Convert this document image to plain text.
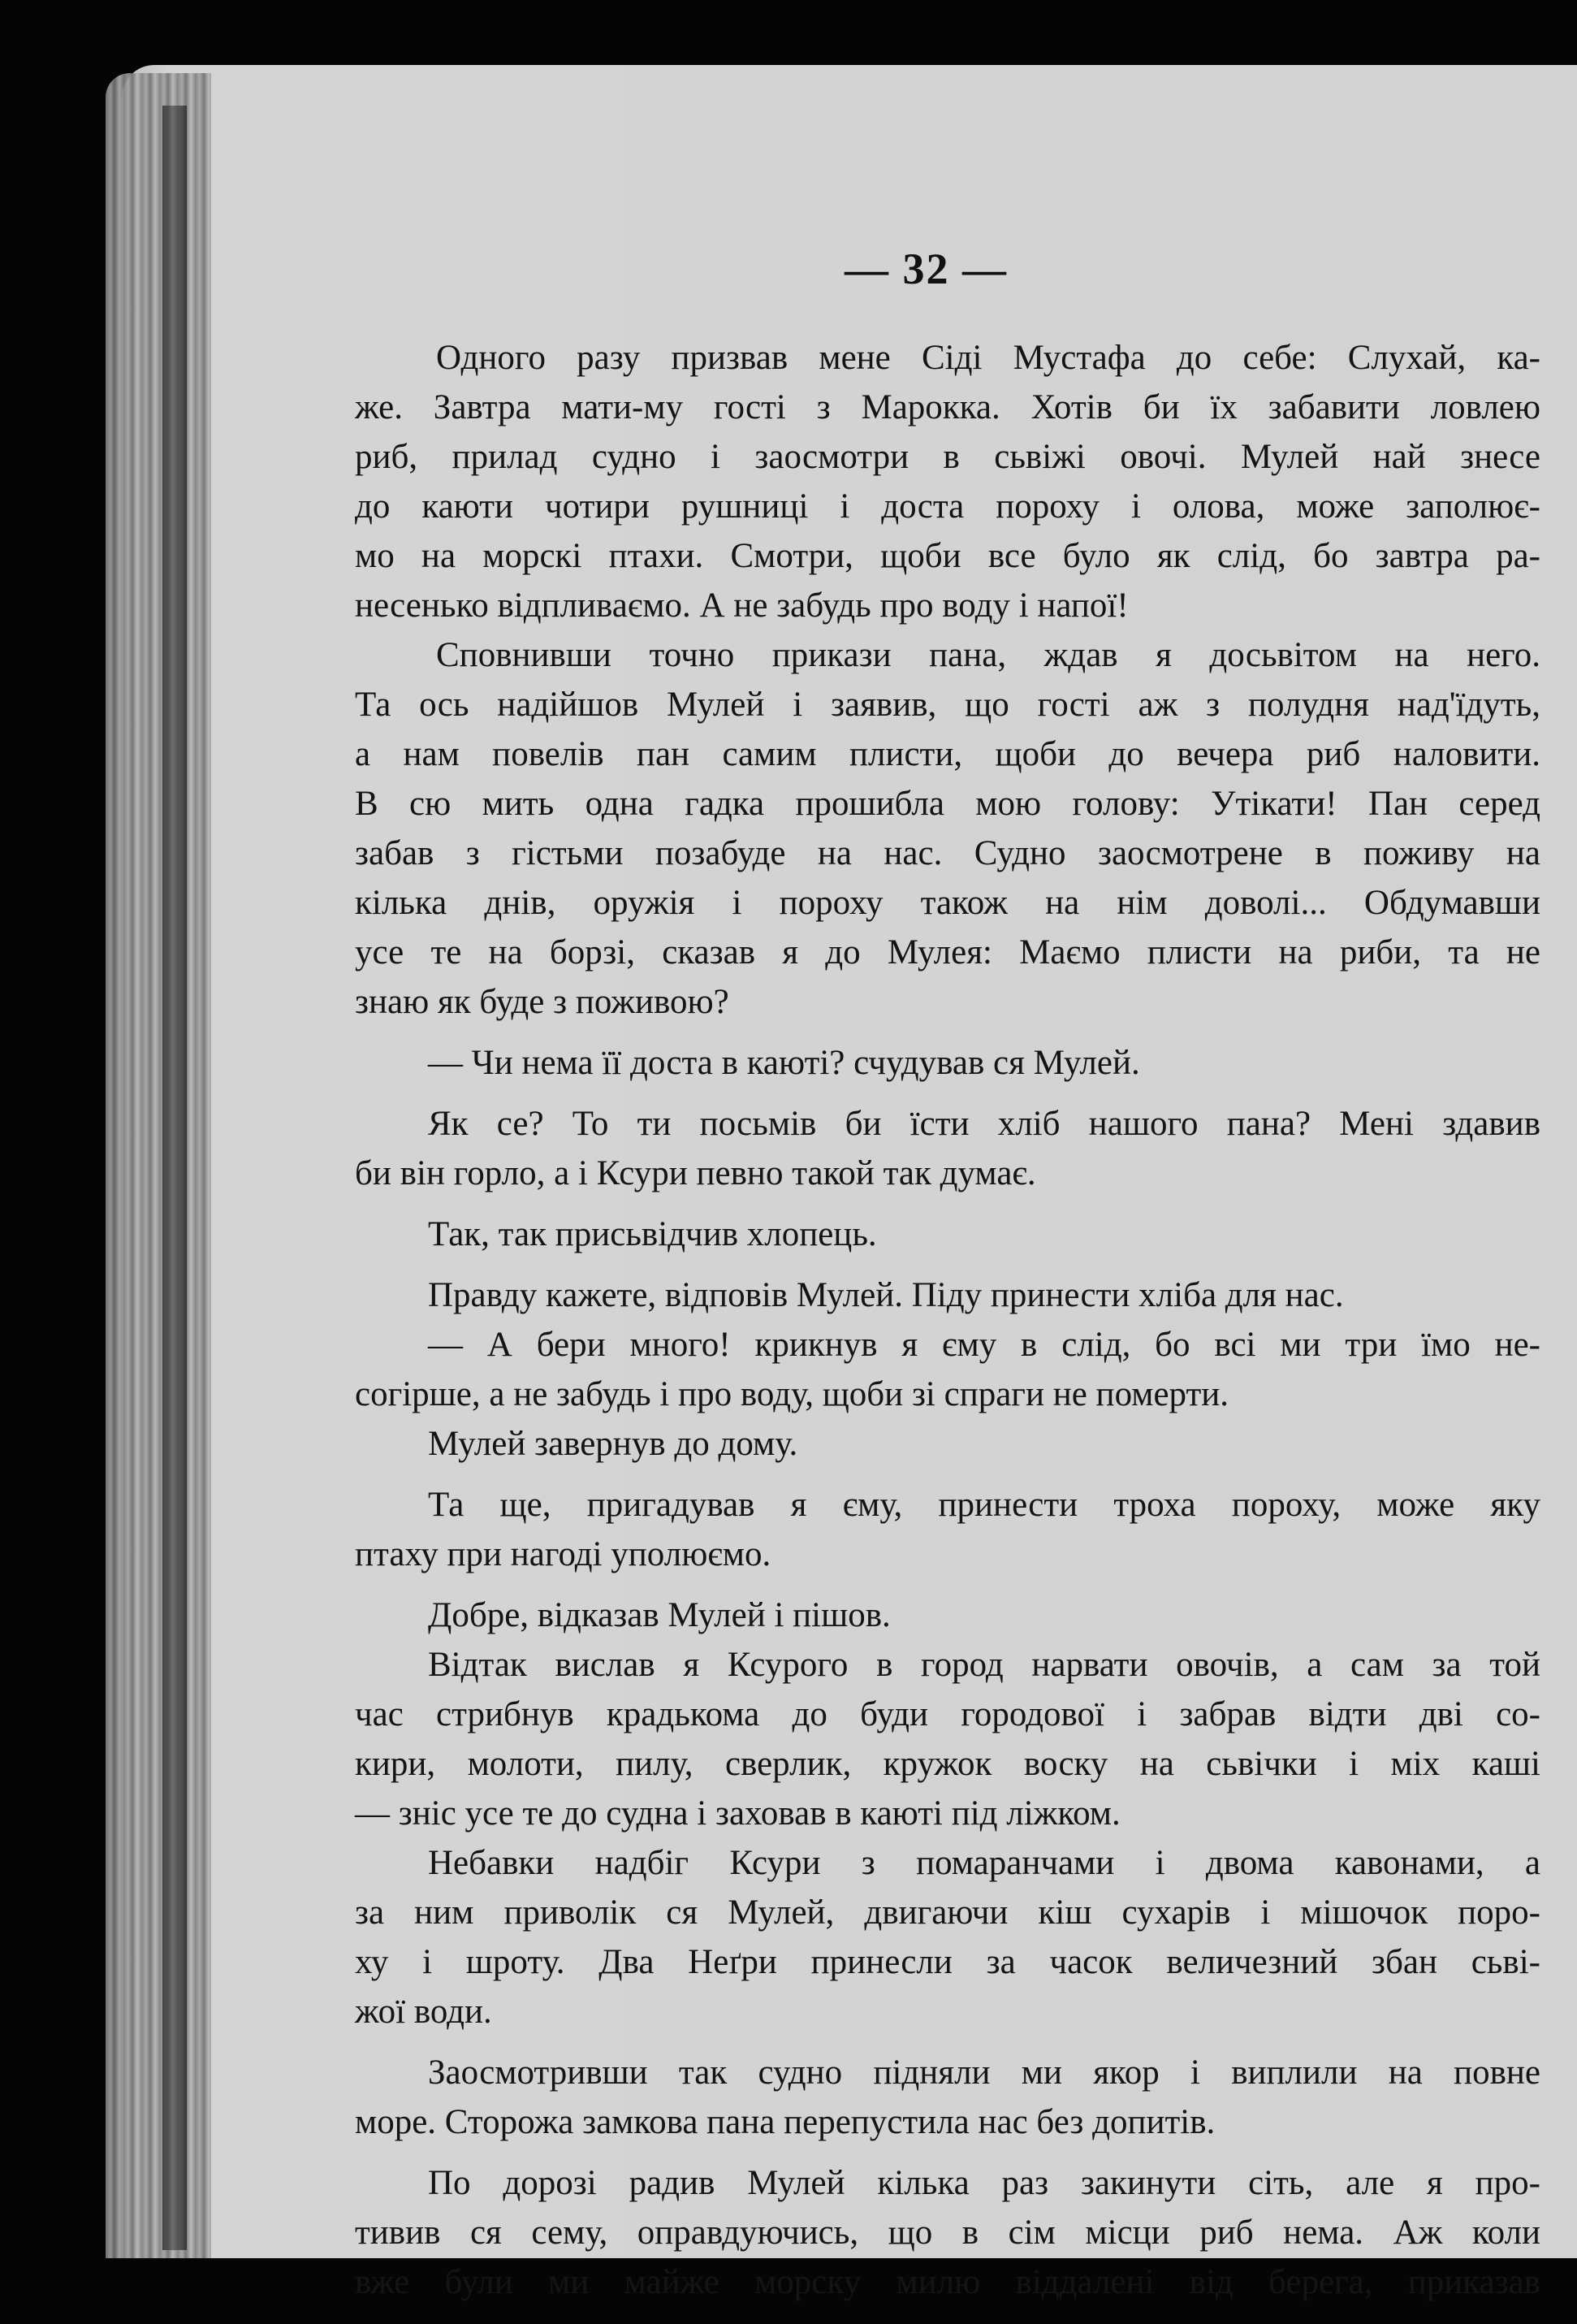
— 32 —
Одного разу призвав мене Сіді Мустафа до себе: Слухай, ка-
же. Завтра мати-му гості з Марокка. Хотів би їх забавити ловлею
риб, прилад судно і заосмотри в сьвіжі овочі. Мулей най знесе
до каюти чотири рушниці і доста пороху і олова, може заполює-
мо на морскі птахи. Смотри, щоби все було як слід, бо завтра ра-
несенько відпливаємо. А не забудь про воду і напої!
Сповнивши точно прикази пана, ждав я досьвітом на него.
Та ось надійшов Мулей і заявив, що гості аж з полудня над'їдуть,
а нам повелів пан самим плисти, щоби до вечера риб наловити.
В сю мить одна гадка прошибла мою голову: Утікати! Пан серед
забав з гістьми позабуде на нас. Судно заосмотрене в поживу на
кілька днів, оружія і пороху також на нім доволі... Обдумавши
усе те на борзі, сказав я до Мулея: Маємо плисти на риби, та не
знаю як буде з поживою?
— Чи нема її доста в каюті? счудував ся Мулей.
Як се? То ти посьмів би їсти хліб нашого пана? Мені здавив
би він горло, а і Ксури певно такой так думає.
Так, так присьвідчив хлопець.
Правду кажете, відповів Мулей. Піду принести хліба для нас.
— А бери много! крикнув я єму в слід, бо всі ми три їмо не-
согірше, а не забудь і про воду, щоби зі спраги не померти.
Мулей завернув до дому.
Та ще, пригадував я єму, принести троха пороху, може яку
птаху при нагоді уполюємо.
Добре, відказав Мулей і пішов.
Відтак вислав я Ксурого в город нарвати овочів, а сам за той
час стрибнув крадькома до буди городової і забрав відти дві со-
кири, молоти, пилу, сверлик, кружок воску на сьвічки і міх каші
— зніс усе те до судна і заховав в каюті під ліжком.
Небавки надбіг Ксури з помаранчами і двома кавонами, а
за ним приволік ся Мулей, двигаючи кіш сухарів і мішочок поро-
ху і шроту. Два Неґри принесли за часок величезний збан сьві-
жої води.
Заосмотривши так судно підняли ми якор і виплили на повне
море. Сторожа замкова пана перепустила нас без допитів.
По дорозі радив Мулей кілька раз закинути сіть, але я про-
тивив ся сему, оправдуючись, що в сім місци риб нема. Аж коли
вже були ми майже морску милю віддалені від берега, приказав
